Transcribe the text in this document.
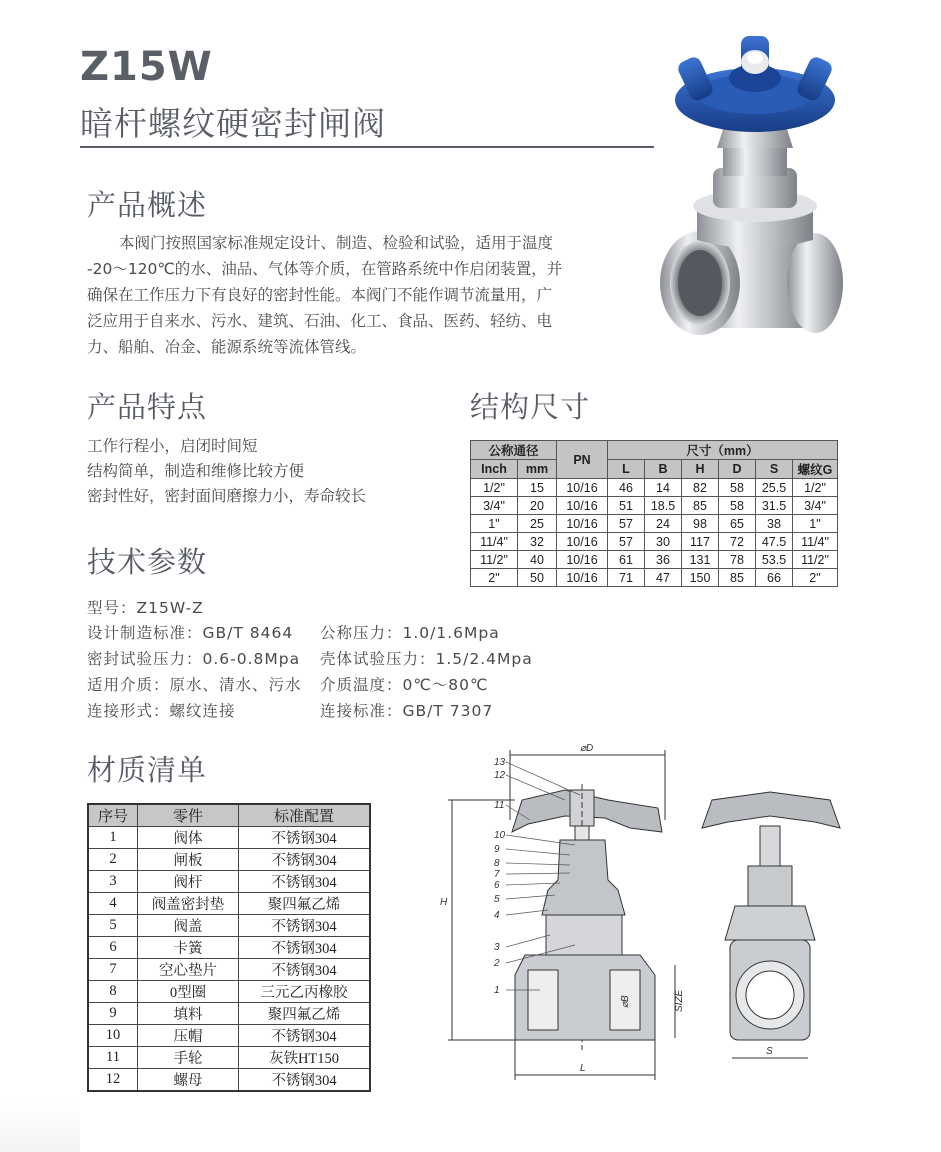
Z15W
暗杆螺纹硬密封闸阀
产品概述
本阀门按照国家标准规定设计、制造、检验和试验，适用于温度
-20～120℃的水、油品、气体等介质，在管路系统中作启闭装置，并
确保在工作压力下有良好的密封性能。本阀门不能作调节流量用，广
泛应用于自来水、污水、建筑、石油、化工、食品、医药、轻纺、电
力、船舶、冶金、能源系统等流体管线。
产品特点
工作行程小，启闭时间短
结构简单，制造和维修比较方便
密封性好，密封面间磨擦力小，寿命较长
结构尺寸
公称通径		PN	尺寸（mm）					
Inch	mm		L	B	H	D	S	螺纹G
1/2"	15	10/16	46	14	82	58	25.5	1/2"
3/4"	20	10/16	51	18.5	85	58	31.5	3/4"
1"	25	10/16	57	24	98	65	38	1"
11/4"	32	10/16	57	30	117	72	47.5	11/4"
11/2"	40	10/16	61	36	131	78	53.5	11/2"
2"	50	10/16	71	47	150	85	66	2"
技术参数
型号：Z15W-Z
设计制造标准：GB/T 8464
密封试验压力：0.6-0.8Mpa
适用介质：原水、清水、污水
连接形式：螺纹连接
公称压力：1.0/1.6Mpa
壳体试验压力：1.5/2.4Mpa
介质温度：0℃～80℃
连接标准：GB/T 7307
材质清单
序号	零件	标准配置
1	阀体	不锈钢304
2	闸板	不锈钢304
3	阀杆	不锈钢304
4	阀盖密封垫	聚四氟乙烯
5	阀盖	不锈钢304
6	卡簧	不锈钢304
7	空心垫片	不锈钢304
8	0型圈	三元乙丙橡胶
9	填料	聚四氟乙烯
10	压帽	不锈钢304
11	手轮	灰铁HT150
12	螺母	不锈钢304
⌀D
H
L
SIZE
⌀B
13
12
11
10
9
8
7
6
5
4
3
2
1
S
